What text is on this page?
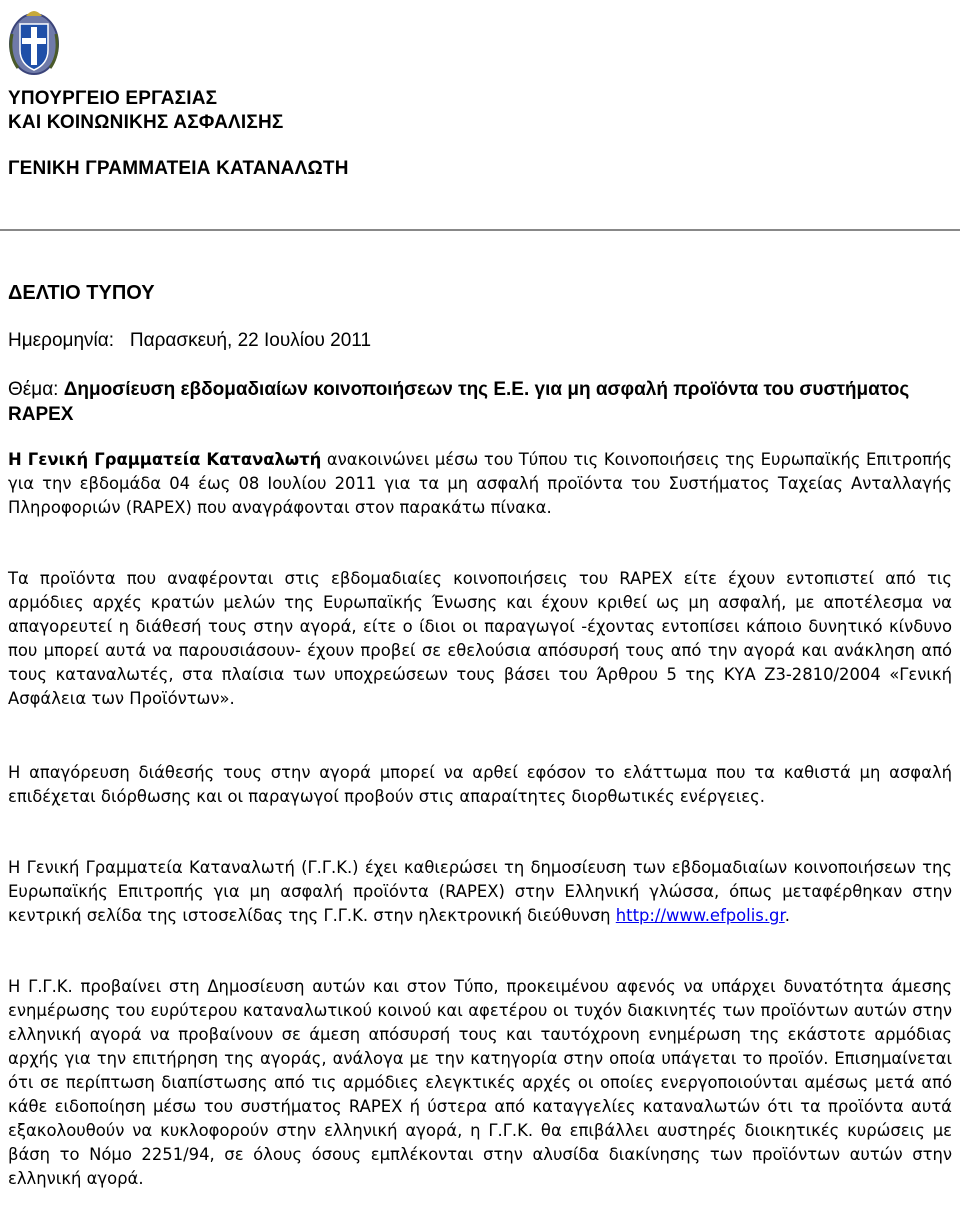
ΥΠΟΥΡΓΕΙΟ ΕΡΓΑΣΙΑΣ
ΚΑΙ ΚΟΙΝΩΝΙΚΗΣ ΑΣΦΑΛΙΣΗΣ
ΓΕΝΙΚΗ ΓΡΑΜΜΑΤΕΙΑ ΚΑΤΑΝΑΛΩΤΗ
ΔΕΛΤΙΟ ΤΥΠΟΥ
Ημερομηνία: Παρασκευή, 22 Ιουλίου 2011
Θέμα: Δημοσίευση εβδομαδιαίων κοινοποιήσεων της Ε.Ε. για μη ασφαλή προϊόντα του συστήματος RAPEX
Η Γενική Γραμματεία Καταναλωτή ανακοινώνει μέσω του Τύπου τις Κοινοποιήσεις της Ευρωπαϊκής Επιτροπής για την εβδομάδα 04 έως 08 Ιουλίου 2011 για τα μη ασφαλή προϊόντα του Συστήματος Ταχείας Ανταλλαγής Πληροφοριών (RAPEX) που αναγράφονται στον παρακάτω πίνακα.
Τα προϊόντα που αναφέρονται στις εβδομαδιαίες κοινοποιήσεις του RAPEX είτε έχουν εντοπιστεί από τις αρμόδιες αρχές κρατών μελών της Ευρωπαϊκής Ένωσης και έχουν κριθεί ως μη ασφαλή, με αποτέλεσμα να απαγορευτεί η διάθεσή τους στην αγορά, είτε ο ίδιοι οι παραγωγοί -έχοντας εντοπίσει κάποιο δυνητικό κίνδυνο που μπορεί αυτά να παρουσιάσουν- έχουν προβεί σε εθελούσια απόσυρσή τους από την αγορά και ανάκληση από τους καταναλωτές, στα πλαίσια των υποχρεώσεων τους βάσει του Άρθρου 5 της ΚΥΑ Ζ3-2810/2004 «Γενική Ασφάλεια των Προϊόντων».
Η απαγόρευση διάθεσής τους στην αγορά μπορεί να αρθεί εφόσον το ελάττωμα που τα καθιστά μη ασφαλή επιδέχεται διόρθωσης και οι παραγωγοί προβούν στις απαραίτητες διορθωτικές ενέργειες.
Η Γενική Γραμματεία Καταναλωτή (Γ.Γ.Κ.) έχει καθιερώσει τη δημοσίευση των εβδομαδιαίων κοινοποιήσεων της Ευρωπαϊκής Επιτροπής για μη ασφαλή προϊόντα (RAPEX) στην Ελληνική γλώσσα, όπως μεταφέρθηκαν στην κεντρική σελίδα της ιστοσελίδας της Γ.Γ.Κ. στην ηλεκτρονική διεύθυνση http://www.efpolis.gr.
Η Γ.Γ.Κ. προβαίνει στη Δημοσίευση αυτών και στον Τύπο, προκειμένου αφενός να υπάρχει δυνατότητα άμεσης ενημέρωσης του ευρύτερου καταναλωτικού κοινού και αφετέρου οι τυχόν διακινητές των προϊόντων αυτών στην ελληνική αγορά να προβαίνουν σε άμεση απόσυρσή τους και ταυτόχρονη ενημέρωση της εκάστοτε αρμόδιας αρχής για την επιτήρηση της αγοράς, ανάλογα με την κατηγορία στην οποία υπάγεται το προϊόν. Επισημαίνεται ότι σε περίπτωση διαπίστωσης από τις αρμόδιες ελεγκτικές αρχές οι οποίες ενεργοποιούνται αμέσως μετά από κάθε ειδοποίηση μέσω του συστήματος RAPEX ή ύστερα από καταγγελίες καταναλωτών ότι τα προϊόντα αυτά εξακολουθούν να κυκλοφορούν στην ελληνική αγορά, η Γ.Γ.Κ. θα επιβάλλει αυστηρές διοικητικές κυρώσεις με βάση το Νόμο 2251/94, σε όλους όσους εμπλέκονται στην αλυσίδα διακίνησης των προϊόντων αυτών στην ελληνική αγορά.
